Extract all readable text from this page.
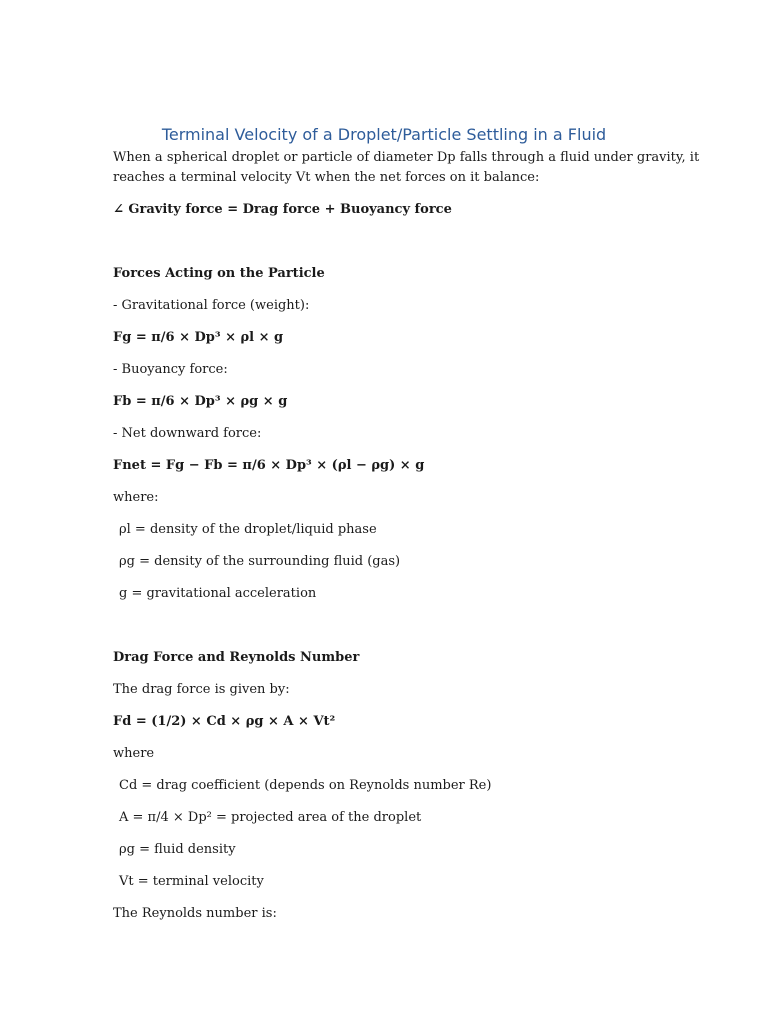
Terminal Velocity of a Droplet/Particle Settling in a Fluid
When a spherical droplet or particle of diameter Dp falls through a fluid under gravity, it
reaches a terminal velocity Vt when the net forces on it balance:
∠ Gravity force = Drag force + Buoyancy force
Forces Acting on the Particle
- Gravitational force (weight):
Fg = π/6 × Dp³ × ρl × g
- Buoyancy force:
Fb = π/6 × Dp³ × ρg × g
- Net downward force:
Fnet = Fg − Fb = π/6 × Dp³ × (ρl − ρg) × g
where:
ρl = density of the droplet/liquid phase
ρg = density of the surrounding fluid (gas)
g = gravitational acceleration
Drag Force and Reynolds Number
The drag force is given by:
Fd = (1/2) × Cd × ρg × A × Vt²
where
Cd = drag coefficient (depends on Reynolds number Re)
A = π/4 × Dp² = projected area of the droplet
ρg = fluid density
Vt = terminal velocity
The Reynolds number is:
